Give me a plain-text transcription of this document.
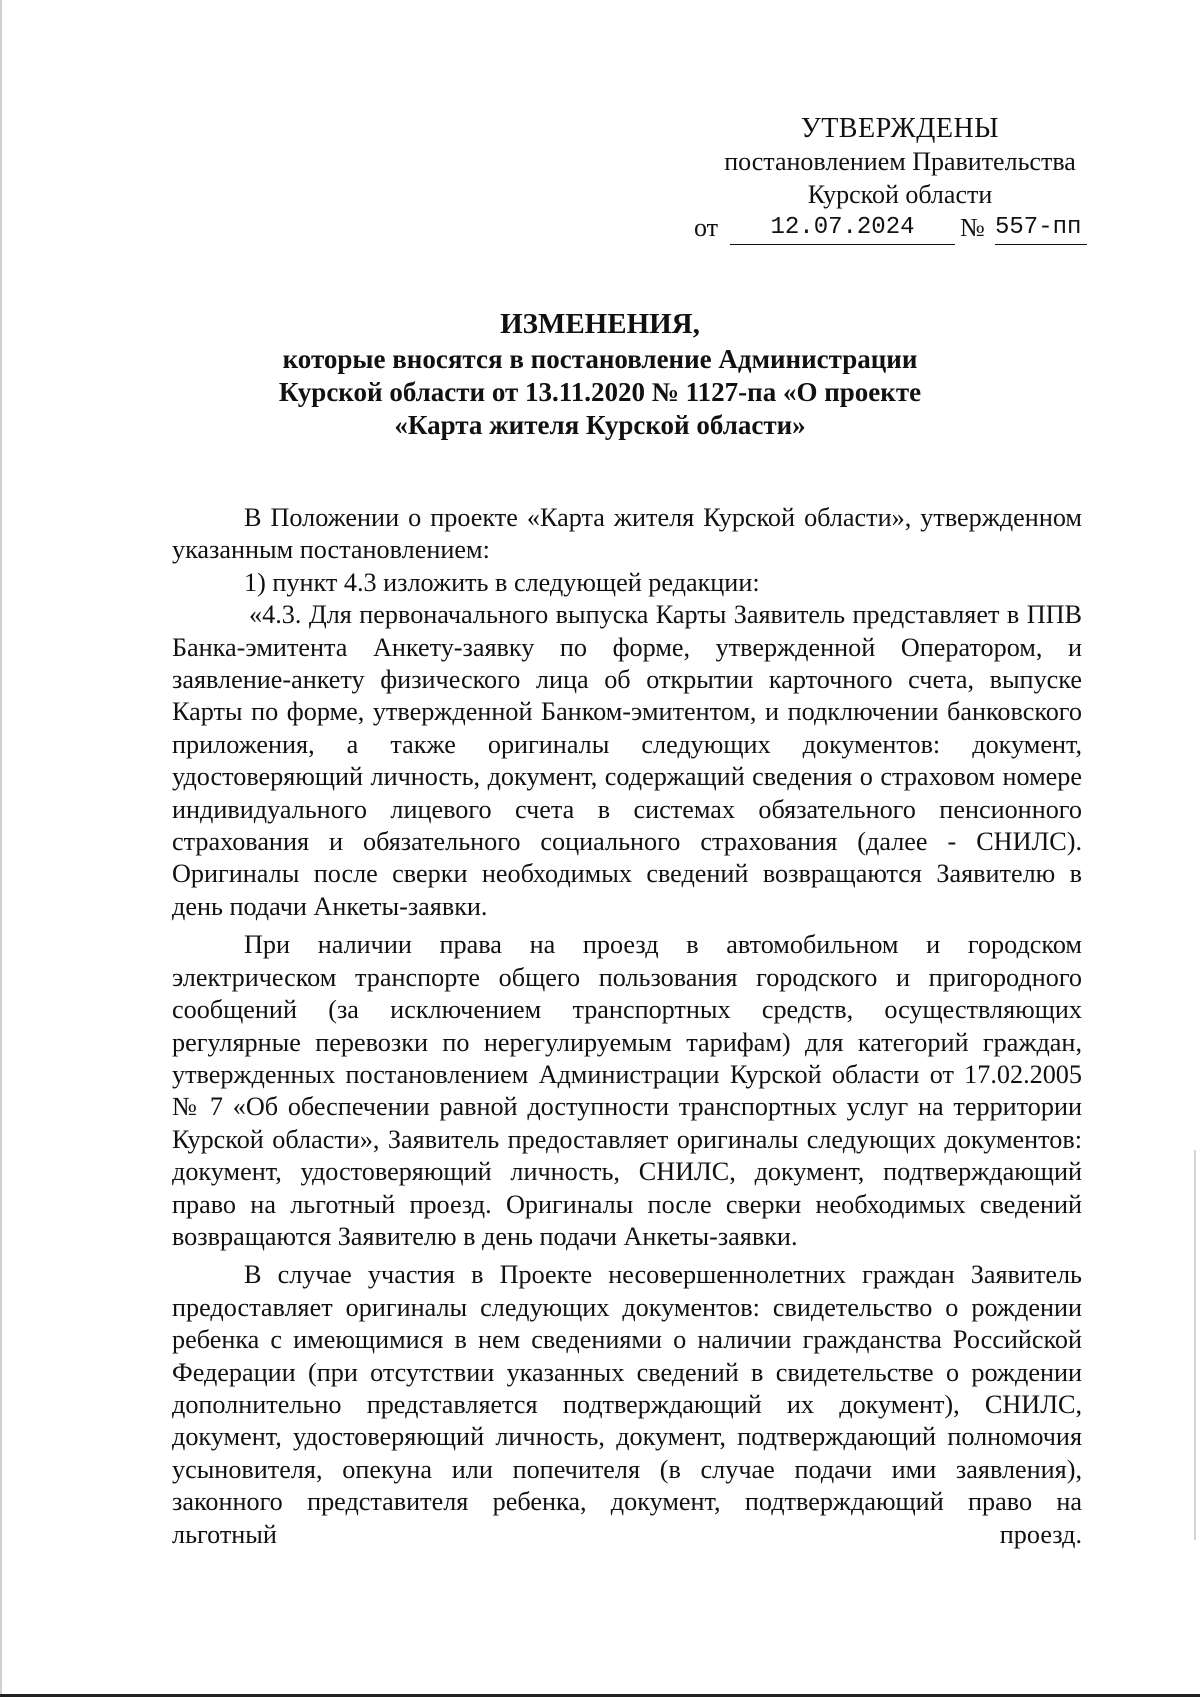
УТВЕРЖДЕНЫ
постановлением Правительства
Курской области
от	12.07.2024	№ 557-пп
ИЗМЕНЕНИЯ,
которые вносятся в постановление Администрации
Курской области от 13.11.2020 № 1127-па «О проекте
«Карта жителя Курской области»

В Положении о проекте «Карта жителя Курской области», утвержденном указанным постановлением:

1) пункт 4.3 изложить в следующей редакции:

«4.3. Для первоначального выпуска Карты Заявитель представляет в ППВ Банка-эмитента Анкету-заявку по форме, утвержденной Оператором, и заявление-анкету физического лица об открытии карточного счета, выпуске Карты по форме, утвержденной Банком-эмитентом, и подключении банковского приложения, а также оригиналы следующих документов: документ, удостоверяющий личность, документ, содержащий сведения о страховом номере индивидуального лицевого счета в системах обязательного пенсионного страхования и обязательного социального страхования (далее - СНИЛС). Оригиналы после сверки необходимых сведений возвращаются Заявителю в день подачи Анкеты-заявки.

При наличии права на проезд в автомобильном и городском электрическом транспорте общего пользования городского и пригородного сообщений (за исключением транспортных средств, осуществляющих регулярные перевозки по нерегулируемым тарифам) для категорий граждан, утвержденных постановлением Администрации Курской области от 17.02.2005 № 7 «Об обеспечении равной доступности транспортных услуг на территории Курской области», Заявитель предоставляет оригиналы следующих документов: документ, удостоверяющий личность, СНИЛС, документ, подтверждающий право на льготный проезд. Оригиналы после сверки необходимых сведений возвращаются Заявителю в день подачи Анкеты-заявки.

В случае участия в Проекте несовершеннолетних граждан Заявитель предоставляет оригиналы следующих документов: свидетельство о рождении ребенка с имеющимися в нем сведениями о наличии гражданства Российской Федерации (при отсутствии указанных сведений в свидетельстве о рождении дополнительно представляется подтверждающий их документ), СНИЛС, документ, удостоверяющий личность, документ, подтверждающий полномочия усыновителя, опекуна или попечителя (в случае подачи ими заявления), законного представителя ребенка, документ, подтверждающий право на льготный проезд.
